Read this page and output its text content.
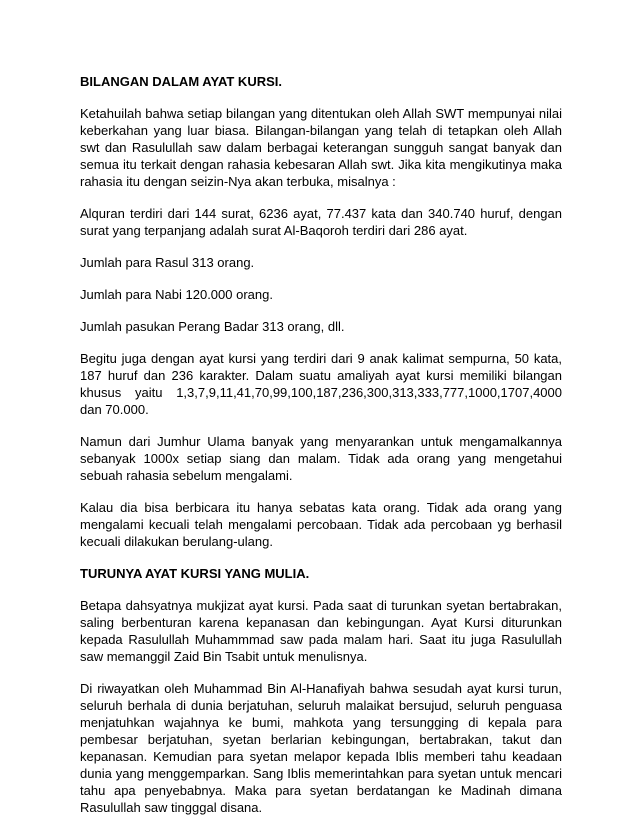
BILANGAN DALAM AYAT KURSI.

Ketahuilah bahwa setiap bilangan yang ditentukan oleh Allah SWT mempunyai nilai keberkahan yang luar biasa. Bilangan-bilangan yang telah di tetapkan oleh Allah swt dan Rasulullah saw dalam berbagai keterangan sungguh sangat banyak dan semua itu terkait dengan rahasia kebesaran Allah swt. Jika kita mengikutinya maka rahasia itu dengan seizin-Nya akan terbuka, misalnya :

Alquran terdiri dari 144 surat, 6236 ayat, 77.437 kata dan 340.740 huruf, dengan surat yang terpanjang adalah surat Al-Baqoroh terdiri dari 286 ayat.

Jumlah para Rasul 313 orang.

Jumlah para Nabi 120.000 orang.

Jumlah pasukan Perang Badar 313 orang, dll.

Begitu juga dengan ayat kursi yang terdiri dari 9 anak kalimat sempurna, 50 kata, 187 huruf dan 236 karakter. Dalam suatu amaliyah ayat kursi memiliki bilangan khusus yaitu 1,3,7,9,11,41,70,99,100,187,236,300,313,333,777,1000,1707,4000 dan 70.000.

Namun dari Jumhur Ulama banyak yang menyarankan untuk mengamalkannya sebanyak 1000x setiap siang dan malam. Tidak ada orang yang mengetahui sebuah rahasia sebelum mengalami.

Kalau dia bisa berbicara itu hanya sebatas kata orang. Tidak ada orang yang mengalami kecuali telah mengalami percobaan. Tidak ada percobaan yg berhasil kecuali dilakukan berulang-ulang.

TURUNYA AYAT KURSI YANG MULIA.

Betapa dahsyatnya mukjizat ayat kursi. Pada saat di turunkan syetan bertabrakan, saling berbenturan karena kepanasan dan kebingungan. Ayat Kursi diturunkan kepada Rasulullah Muhammmad saw pada malam hari. Saat itu juga Rasulullah saw memanggil Zaid Bin Tsabit untuk menulisnya.

Di riwayatkan oleh Muhammad Bin Al-Hanafiyah bahwa sesudah ayat kursi turun, seluruh berhala di dunia berjatuhan, seluruh malaikat bersujud, seluruh penguasa menjatuhkan wajahnya ke bumi, mahkota yang tersungging di kepala para pembesar berjatuhan, syetan berlarian kebingungan, bertabrakan, takut dan kepanasan. Kemudian para syetan melapor kepada Iblis memberi tahu keadaan dunia yang menggemparkan. Sang Iblis memerintahkan para syetan untuk mencari tahu apa penyebabnya. Maka para syetan berdatangan ke Madinah dimana Rasulullah saw tingggal disana.
